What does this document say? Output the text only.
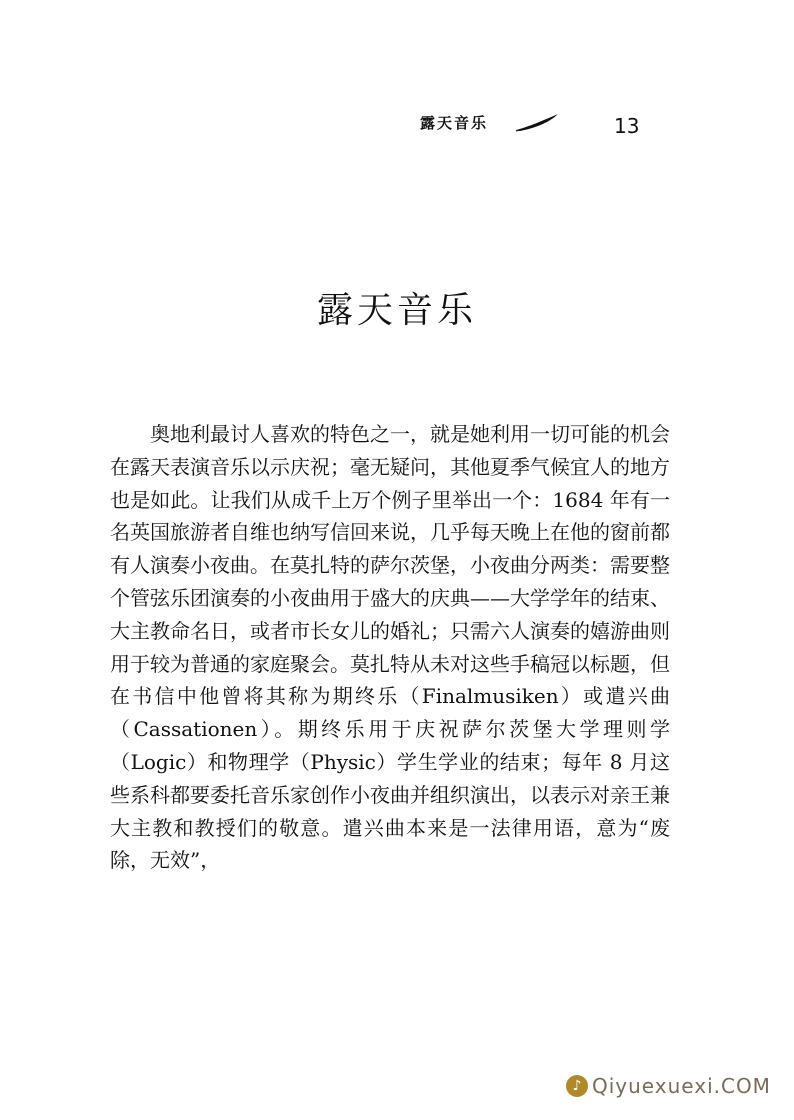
露天音乐	13
露天音乐

奥地利最讨人喜欢的特色之一，就是她利用一切可能的机会在露天表演音乐以示庆祝；毫无疑问，其他夏季气候宜人的地方也是如此。让我们从成千上万个例子里举出一个：1684 年有一名英国旅游者自维也纳写信回来说，几乎每天晚上在他的窗前都有人演奏小夜曲。在莫扎特的萨尔茨堡，小夜曲分两类：需要整个管弦乐团演奏的小夜曲用于盛大的庆典——大学学年的结束、大主教命名日，或者市长女儿的婚礼；只需六人演奏的嬉游曲则用于较为普通的家庭聚会。莫扎特从未对这些手稿冠以标题，但在书信中他曾将其称为期终乐（Finalmusiken）或遣兴曲（Cassationen）。期终乐用于庆祝萨尔茨堡大学理则学（Logic）和物理学（Physic）学生学业的结束；每年 8 月这些系科都要委托音乐家创作小夜曲并组织演出，以表示对亲王兼大主教和教授们的敬意。遣兴曲本来是一法律用语，意为“废除，无效”，

♪ Qiyuexuexi.COM
